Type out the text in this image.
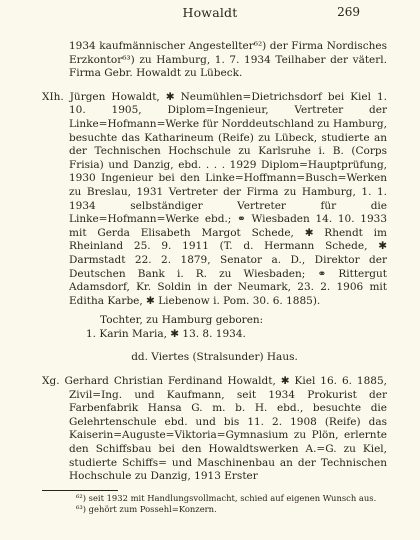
Howaldt	269

1934 kaufmännischer Angestellter⁶²) der Firma Nordisches Erzkontor⁶³) zu Hamburg, 1. 7. 1934 Teilhaber der väterl. Firma Gebr. Howaldt zu Lübeck.

XIh. Jürgen Howaldt, ✱ Neumühlen=Dietrichsdorf bei Kiel 1. 10. 1905, Diplom=Ingenieur, Vertreter der Linke=Hofmann=Werke für Norddeutschland zu Hamburg, besuchte das Katharineum (Reife) zu Lübeck, studierte an der Technischen Hochschule zu Karlsruhe i. B. (Corps Frisia) und Danzig, ebd. . . . 1929 Diplom=Hauptprüfung, 1930 Ingenieur bei den Linke=Hoffmann=Busch=Werken zu Breslau, 1931 Vertreter der Firma zu Hamburg, 1. 1. 1934 selbständiger Vertreter für die Linke=Hofmann=Werke ebd.; ⚭ Wiesbaden 14. 10. 1933 mit Gerda Elisabeth Margot Schede, ✱ Rhendt im Rheinland 25. 9. 1911 (T. d. Hermann Schede, ✱ Darmstadt 22. 2. 1879, Senator a. D., Direktor der Deutschen Bank i. R. zu Wiesbaden; ⚭ Rittergut Adamsdorf, Kr. Soldin in der Neumark, 23. 2. 1906 mit Editha Karbe, ✱ Liebenow i. Pom. 30. 6. 1885).

Tochter, zu Hamburg geboren:

1. Karin Maria, ✱ 13. 8. 1934.

dd. Viertes (Stralsunder) Haus.

Xg. Gerhard Christian Ferdinand Howaldt, ✱ Kiel 16. 6. 1885, Zivil=Ing. und Kaufmann, seit 1934 Prokurist der Farbenfabrik Hansa G. m. b. H. ebd., besuchte die Gelehrtenschule ebd. und bis 11. 2. 1908 (Reife) das Kaiserin=Auguste=Viktoria=Gymnasium zu Plön, erlernte den Schiffsbau bei den Howaldtswerken A.=G. zu Kiel, studierte Schiffs= und Maschinenbau an der Technischen Hochschule zu Danzig, 1913 Erster

⁶²) seit 1932 mit Handlungsvollmacht, schied auf eigenen Wunsch aus.

⁶³) gehört zum Possehl=Konzern.
